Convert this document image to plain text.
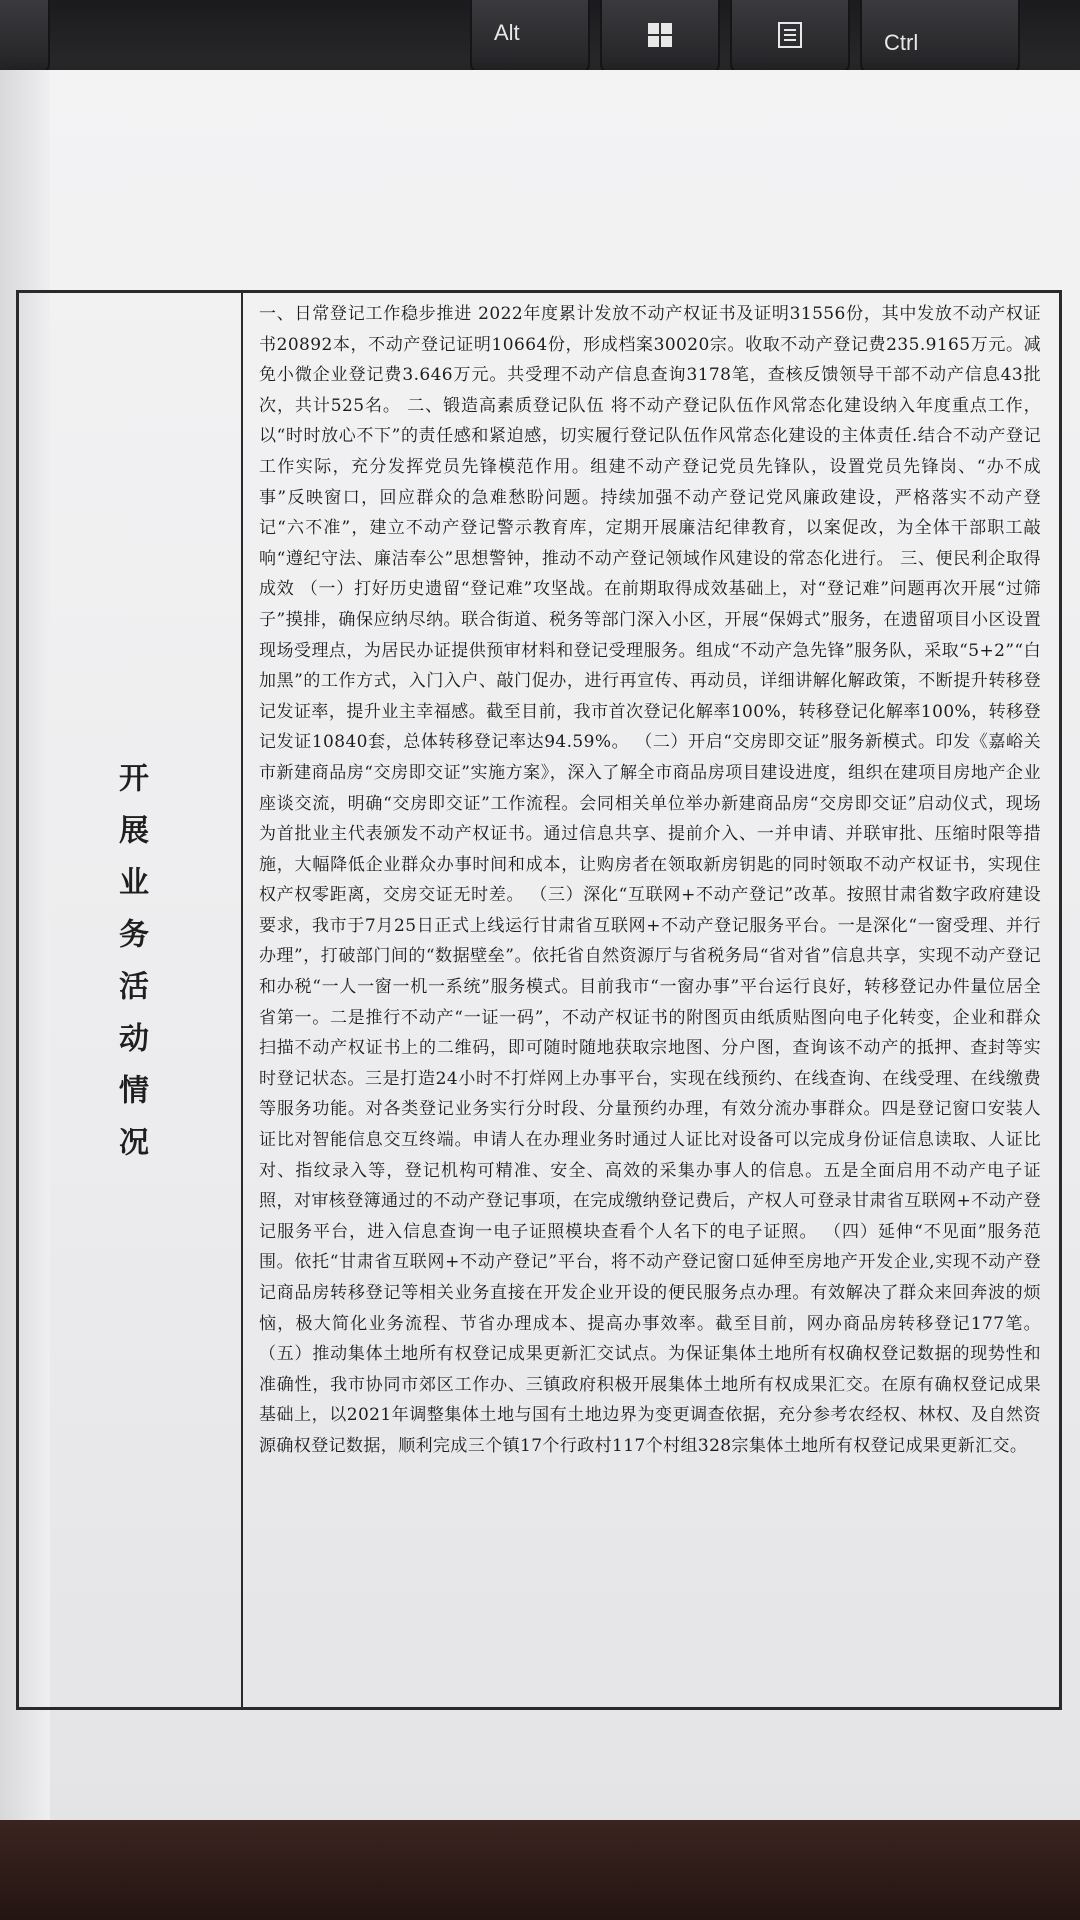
Alt	Ctrl
开展业务活动情况

一、日常登记工作稳步推进 2022年度累计发放不动产权证书及证明31556份，其中发放不动产权证书20892本，不动产登记证明10664份，形成档案30020宗。收取不动产登记费235.9165万元。减免小微企业登记费3.646万元。共受理不动产信息查询3178笔，查核反馈领导干部不动产信息43批次，共计525名。 二、锻造高素质登记队伍 将不动产登记队伍作风常态化建设纳入年度重点工作，以“时时放心不下”的责任感和紧迫感，切实履行登记队伍作风常态化建设的主体责任.结合不动产登记工作实际，充分发挥党员先锋模范作用。组建不动产登记党员先锋队，设置党员先锋岗、“办不成事”反映窗口，回应群众的急难愁盼问题。持续加强不动产登记党风廉政建设，严格落实不动产登记“六不准”，建立不动产登记警示教育库，定期开展廉洁纪律教育，以案促改，为全体干部职工敲响“遵纪守法、廉洁奉公”思想警钟，推动不动产登记领域作风建设的常态化进行。 三、便民利企取得成效 （一）打好历史遗留“登记难”攻坚战。在前期取得成效基础上，对“登记难”问题再次开展“过筛子”摸排，确保应纳尽纳。联合街道、税务等部门深入小区，开展“保姆式”服务，在遗留项目小区设置现场受理点，为居民办证提供预审材料和登记受理服务。组成“不动产急先锋”服务队，采取“5+2”“白加黑”的工作方式，入门入户、敲门促办，进行再宣传、再动员，详细讲解化解政策，不断提升转移登记发证率，提升业主幸福感。截至目前，我市首次登记化解率100%，转移登记化解率100%，转移登记发证10840套，总体转移登记率达94.59%。 （二）开启“交房即交证”服务新模式。印发《嘉峪关市新建商品房“交房即交证”实施方案》，深入了解全市商品房项目建设进度，组织在建项目房地产企业座谈交流，明确“交房即交证”工作流程。会同相关单位举办新建商品房“交房即交证”启动仪式，现场为首批业主代表颁发不动产权证书。通过信息共享、提前介入、一并申请、并联审批、压缩时限等措施，大幅降低企业群众办事时间和成本，让购房者在领取新房钥匙的同时领取不动产权证书，实现住权产权零距离，交房交证无时差。 （三）深化“互联网+不动产登记”改革。按照甘肃省数字政府建设要求，我市于7月25日正式上线运行甘肃省互联网+不动产登记服务平台。一是深化“一窗受理、并行办理”，打破部门间的“数据壁垒”。依托省自然资源厅与省税务局“省对省”信息共享，实现不动产登记和办税“一人一窗一机一系统”服务模式。目前我市“一窗办事”平台运行良好，转移登记办件量位居全省第一。二是推行不动产“一证一码”，不动产权证书的附图页由纸质贴图向电子化转变，企业和群众扫描不动产权证书上的二维码，即可随时随地获取宗地图、分户图，查询该不动产的抵押、查封等实时登记状态。三是打造24小时不打烊网上办事平台，实现在线预约、在线查询、在线受理、在线缴费等服务功能。对各类登记业务实行分时段、分量预约办理，有效分流办事群众。四是登记窗口安装人证比对智能信息交互终端。申请人在办理业务时通过人证比对设备可以完成身份证信息读取、人证比对、指纹录入等，登记机构可精准、安全、高效的采集办事人的信息。五是全面启用不动产电子证照，对审核登簿通过的不动产登记事项，在完成缴纳登记费后，产权人可登录甘肃省互联网+不动产登记服务平台，进入信息查询一电子证照模块查看个人名下的电子证照。 （四）延伸“不见面”服务范围。依托“甘肃省互联网+不动产登记”平台，将不动产登记窗口延伸至房地产开发企业,实现不动产登记商品房转移登记等相关业务直接在开发企业开设的便民服务点办理。有效解决了群众来回奔波的烦恼，极大简化业务流程、节省办理成本、提高办事效率。截至目前，网办商品房转移登记177笔。 （五）推动集体土地所有权登记成果更新汇交试点。为保证集体土地所有权确权登记数据的现势性和准确性，我市协同市郊区工作办、三镇政府积极开展集体土地所有权成果汇交。在原有确权登记成果基础上，以2021年调整集体土地与国有土地边界为变更调查依据，充分参考农经权、林权、及自然资源确权登记数据，顺利完成三个镇17个行政村117个村组328宗集体土地所有权登记成果更新汇交。
